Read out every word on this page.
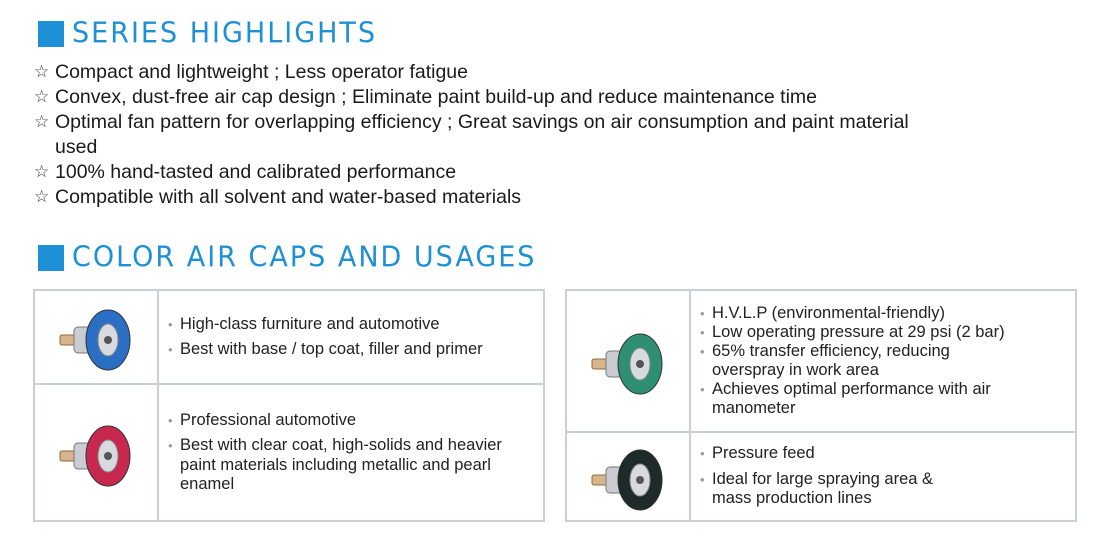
SERIES HIGHLIGHTS
☆ Compact and lightweight ; Less operator fatigue
☆ Convex, dust-free air cap design ; Eliminate paint build-up and reduce maintenance time
☆ Optimal fan pattern for overlapping efficiency ; Great savings on air consumption and paint material used
☆ 100% hand-tasted and calibrated performance
☆ Compatible with all solvent and water-based materials
COLOR AIR CAPS AND USAGES
• High-class furniture and automotive
• Best with base / top coat, filler and primer
• Professional automotive
• Best with clear coat, high-solids and heavier paint materials including metallic and pearl enamel
• H.V.L.P (environmental-friendly)
• Low operating pressure at 29 psi (2 bar)
• 65% transfer efficiency, reducing overspray in work area
• Achieves optimal performance with air manometer
• Pressure feed
• Ideal for large spraying area & mass production lines
